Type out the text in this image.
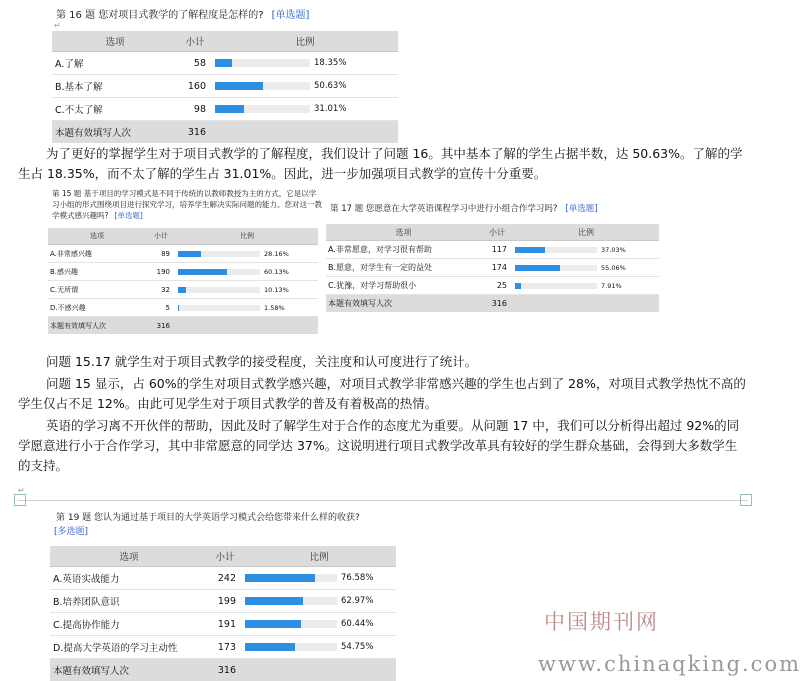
第 16 题 您对项目式教学的了解程度是怎样的? [单选题]
↵
选项	小计	比例
A.了解	58	18.35%
B.基本了解	160	50.63%
C.不太了解	98	31.01%
本题有效填写人次	316	

为了更好的掌握学生对于项目式教学的了解程度，我们设计了问题 16。其中基本了解的学生占据半数，达 50.63%。了解的学生占 18.35%，而不太了解的学生占 31.01%。因此，进一步加强项目式教学的宣传十分重要。

第 15 题 基于项目的学习模式是不同于传统的以教师教授为主的方式，它是以学习小组的形式围绕项目进行探究学习，培养学生解决实际问题的能力。您对这一教学模式感兴趣吗? [单选题]
选项	小计	比例
A.非常感兴趣	89	28.16%
B.感兴趣	190	60.13%
C.无所谓	32	10.13%
D.不感兴趣	5	1.58%
本题有效填写人次	316	
第 17 题 您愿意在大学英语课程学习中进行小组合作学习吗? [单选题]
选项	小计	比例
A.非常愿意，对学习很有帮助	117	37.03%
B.愿意，对学生有一定的益处	174	55.06%
C.犹豫，对学习帮助很小	25	7.91%
本题有效填写人次	316	

问题 15.17 就学生对于项目式教学的接受程度，关注度和认可度进行了统计。

问题 15 显示，占 60%的学生对项目式教学感兴趣，对项目式教学非常感兴趣的学生也占到了 28%，对项目式教学热忱不高的学生仅占不足 12%。由此可见学生对于项目式教学的普及有着极高的热情。

英语的学习离不开伙伴的帮助，因此及时了解学生对于合作的态度尤为重要。从问题 17 中，我们可以分析得出超过 92%的同学愿意进行小于合作学习，其中非常愿意的同学达 37%。这说明进行项目式教学改革具有较好的学生群众基础，会得到大多数学生的支持。

↵
第 19 题 您认为通过基于项目的大学英语学习模式会给您带来什么样的收获?
[多选题]
选项	小计	比例
A.英语实战能力	242	76.58%
B.培养团队意识	199	62.97%
C.提高协作能力	191	60.44%
D.提高大学英语的学习主动性	173	54.75%
本题有效填写人次	316	
中国期刊网
www.chinaqking.com
